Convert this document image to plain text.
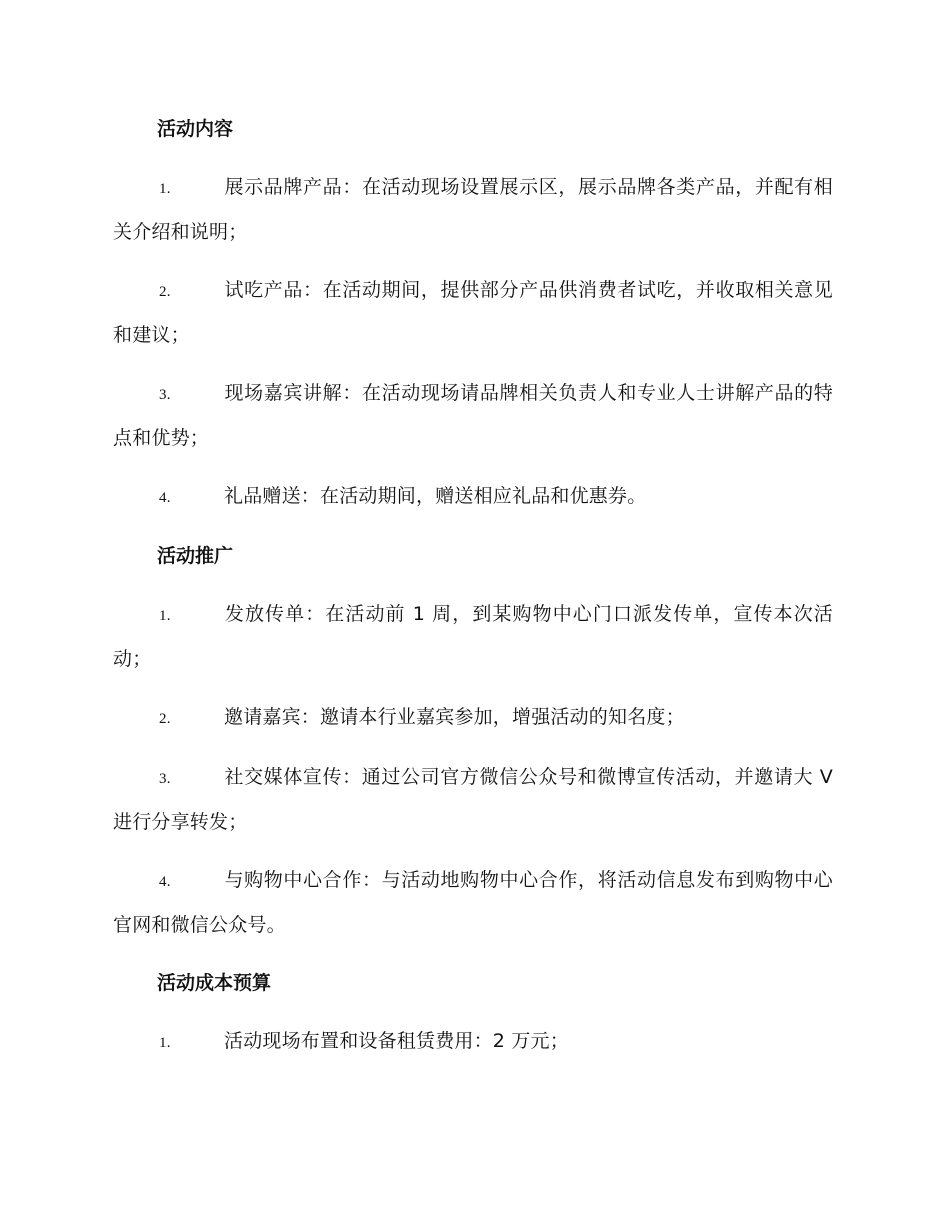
活动内容
1.	展示品牌产品：在活动现场设置展示区，展示品牌各类产品，并配有相关介绍和说明；
2.	试吃产品：在活动期间，提供部分产品供消费者试吃，并收取相关意见和建议；
3.	现场嘉宾讲解：在活动现场请品牌相关负责人和专业人士讲解产品的特点和优势；
4.	礼品赠送：在活动期间，赠送相应礼品和优惠券。
活动推广
1.	发放传单：在活动前 1 周，到某购物中心门口派发传单，宣传本次活动；
2.	邀请嘉宾：邀请本行业嘉宾参加，增强活动的知名度；
3.	社交媒体宣传：通过公司官方微信公众号和微博宣传活动，并邀请大 V 进行分享转发；
4.	与购物中心合作：与活动地购物中心合作，将活动信息发布到购物中心官网和微信公众号。
活动成本预算
1.	活动现场布置和设备租赁费用：2 万元；
